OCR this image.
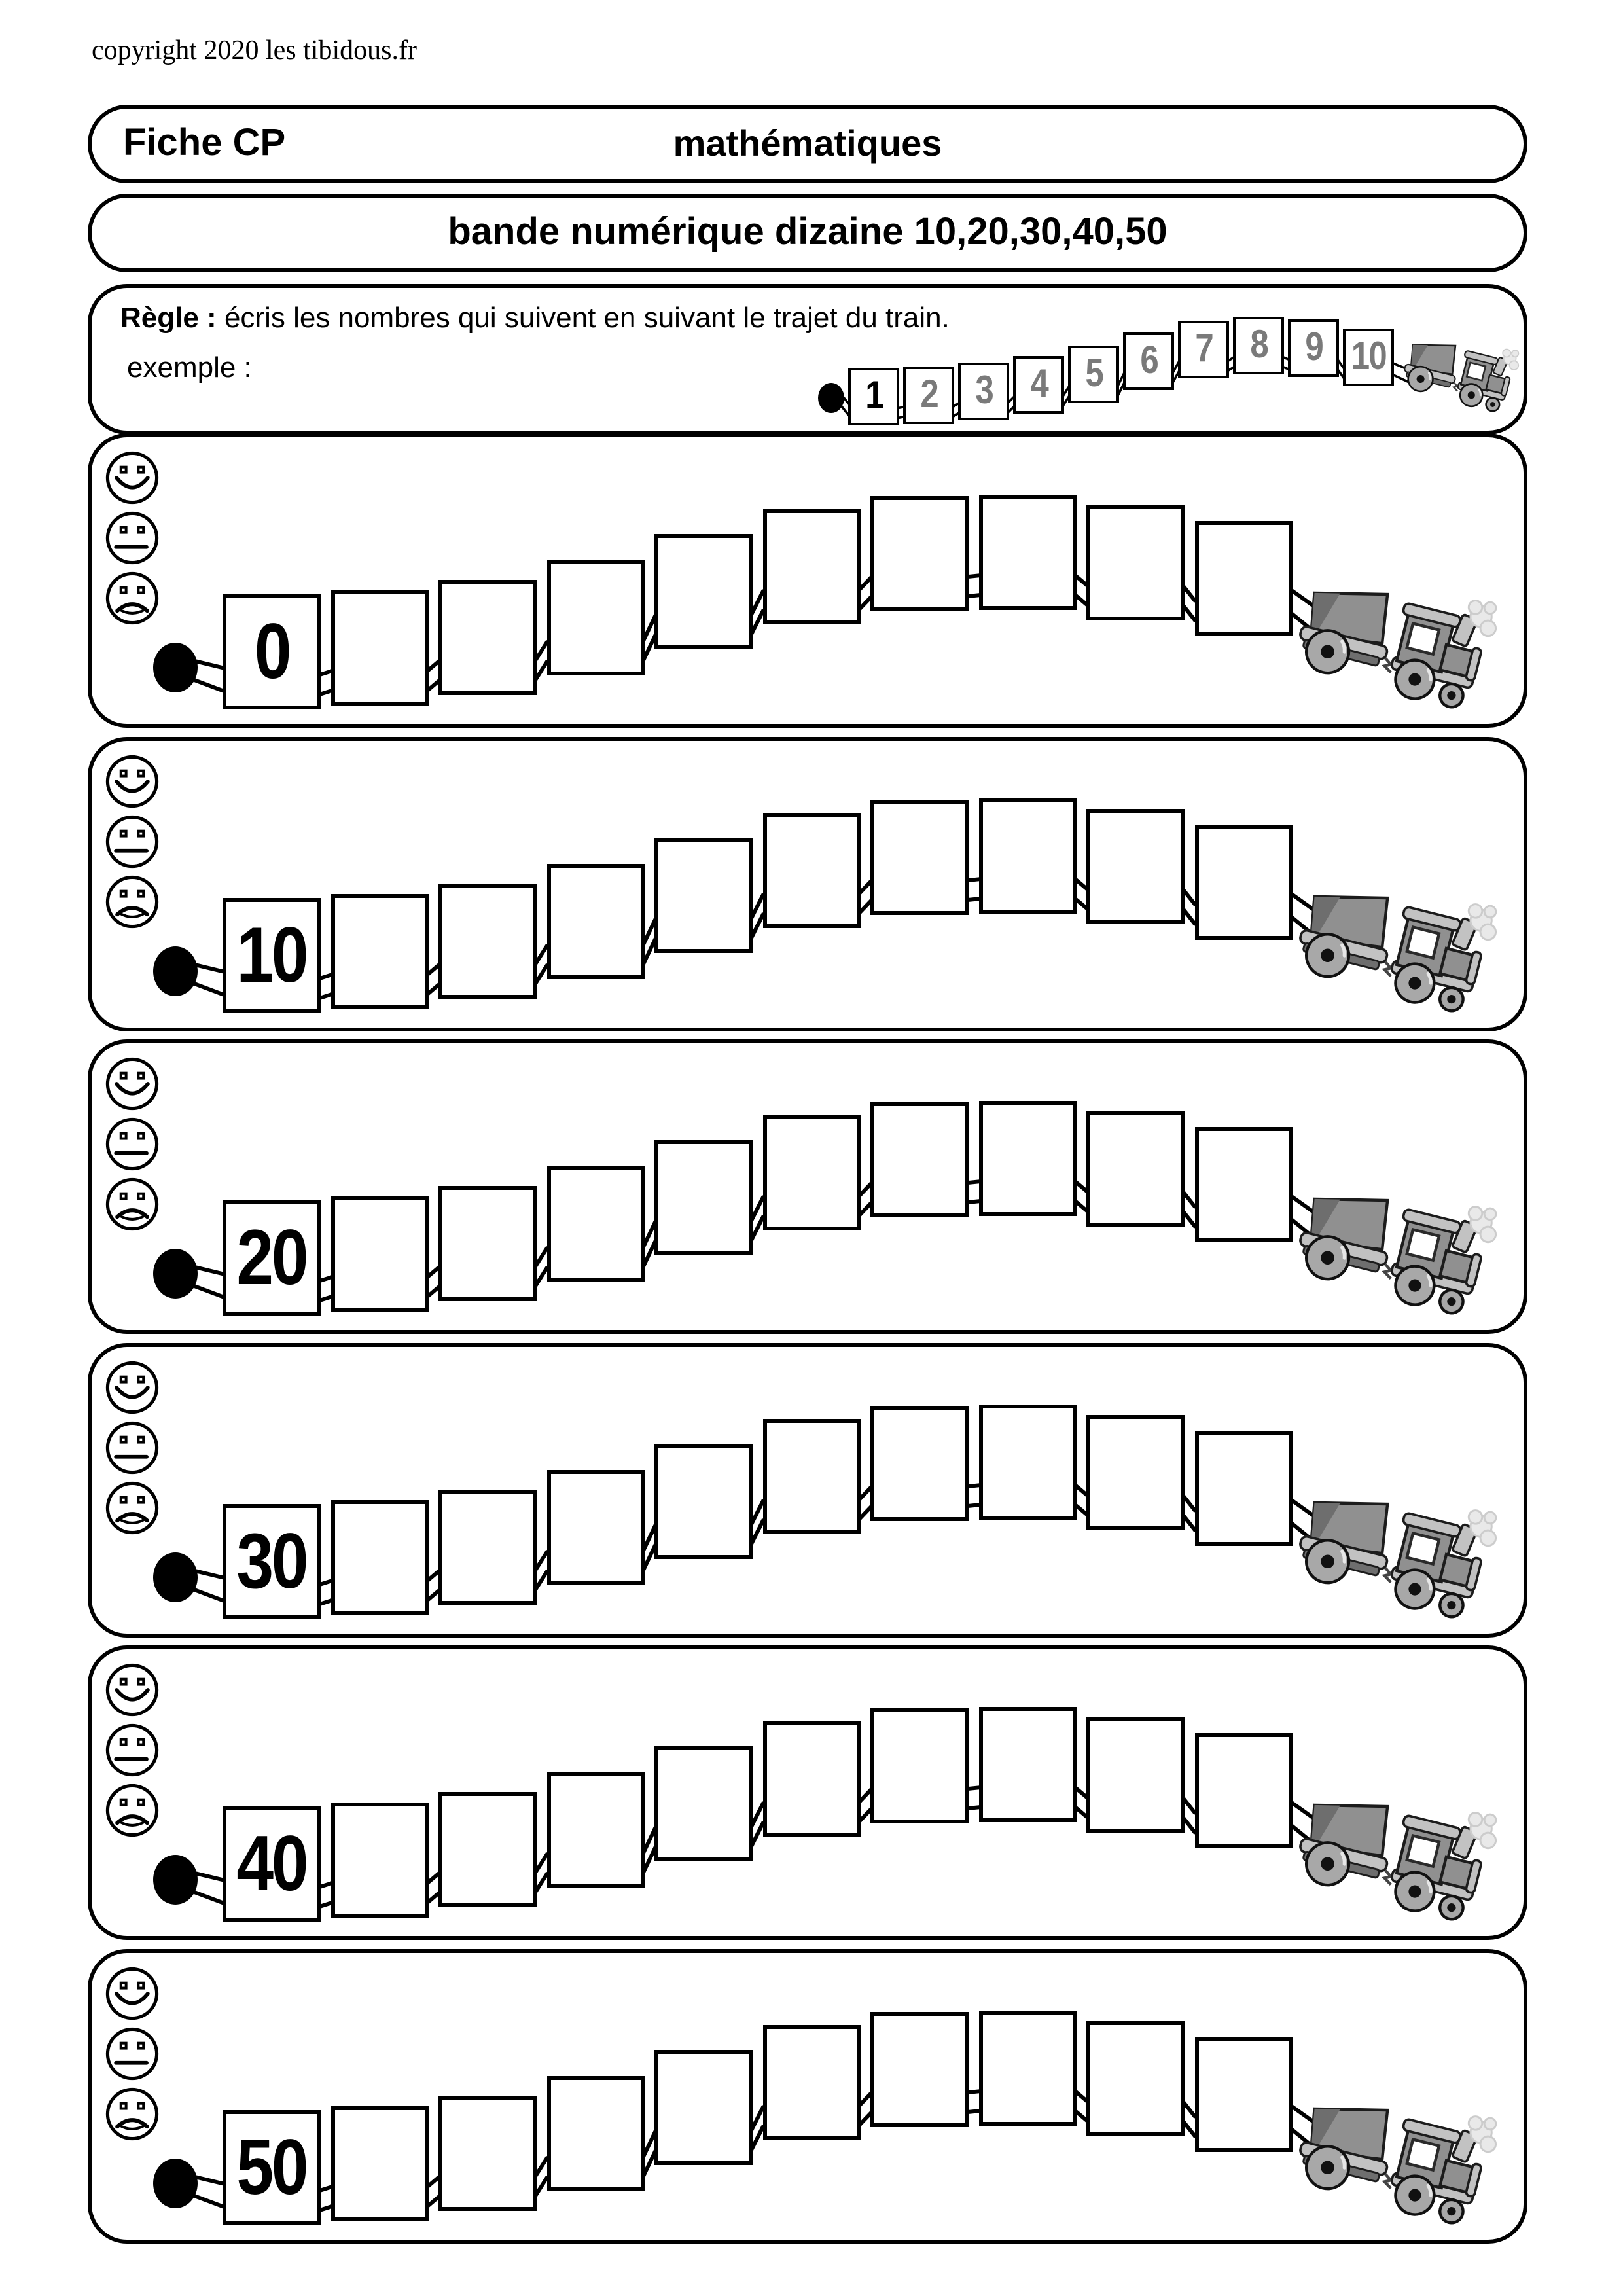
copyright 2020 les tibidous.fr
Fiche CP	mathématiques
bande numérique dizaine 10,20,30,40,50
Règle : écris les nombres qui suivent en suivant le trajet du train.
exemple :
1 2 3 4 5 6 7 8 9 10
0
10
20
30
40
50
